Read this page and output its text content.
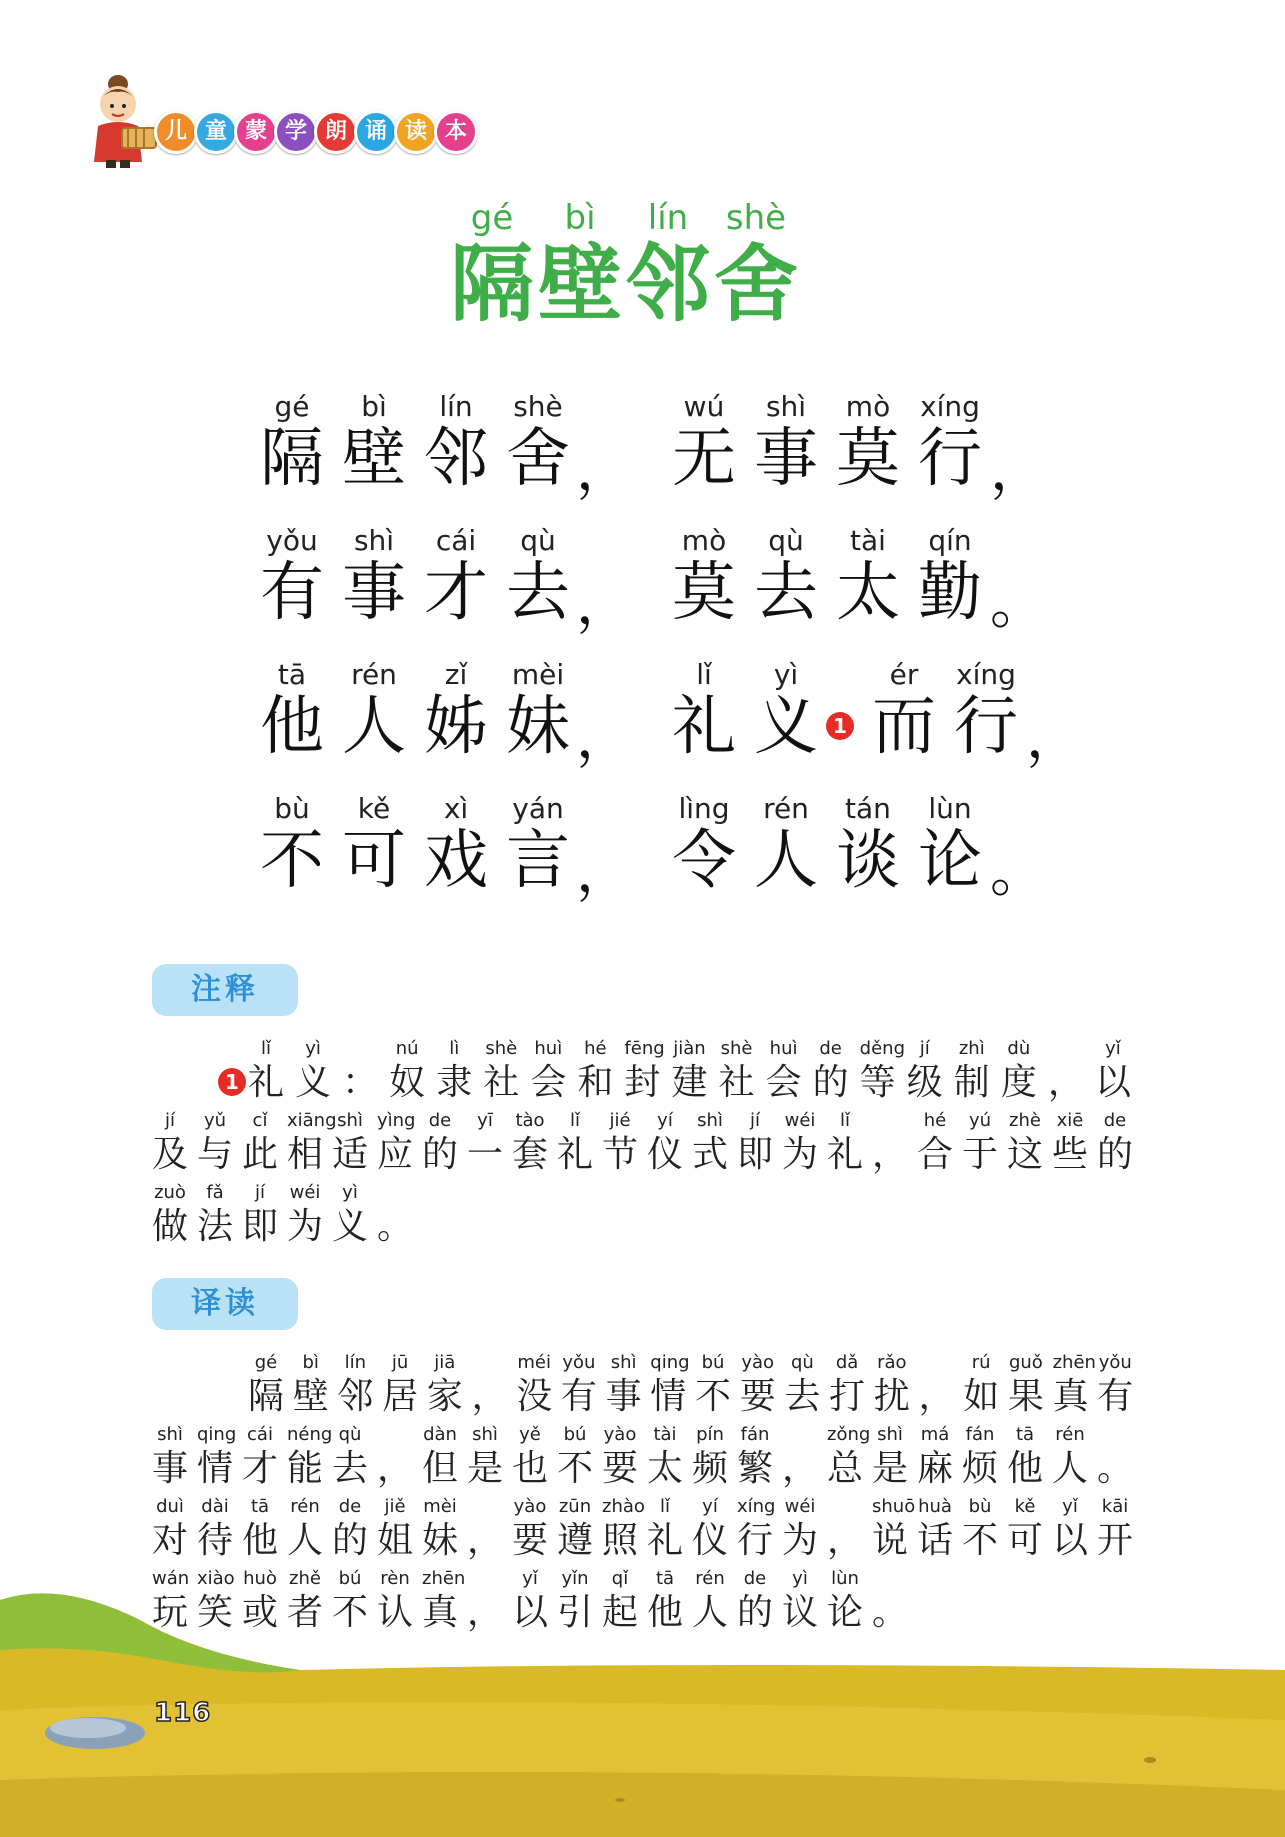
儿 童 蒙 学 朗 诵 读 本
gé
隔
bì
壁
lín
邻
shè
舍
gé
隔
bì
壁
lín
邻
shè
舍
wú
无
shì
事
mò
莫
xíng
行
，	，
yǒu
有
shì
事
cái
才
qù
去
mò
莫
qù
去
tài
太
qín
勤
，	。
tā
他
rén
人
zǐ
姊
mèi
妹
lǐ
礼
yì
义
ér
而
xíng
行
，	，
1
bù
不
kě
可
xì
戏
yán
言
lìng
令
rén
人
tán
谈
lùn
论
，	。
注释
1
lǐ
礼
yì
义 ：
nú
奴
lì
隶
shè
社
huì
会
hé
和
fēng
封
jiàn
建
shè
社
huì
会
de
的
děng
等
jí
级
zhì
制
dù
度 ，
yǐ
以
jí
及
yǔ
与
cǐ
此
xiāng
相
shì
适
yìng
应
de
的
yī
一
tào
套
lǐ
礼
jié
节
yí
仪
shì
式
jí
即
wéi
为
lǐ
礼 ，
hé
合
yú
于
zhè
这
xiē
些
de
的
zuò
做
fǎ
法
jí
即
wéi
为
yì
义 。
译读
gé
隔
bì
壁
lín
邻
jū
居
jiā
家 ，
méi
没
yǒu
有
shì
事
qing
情
bú
不
yào
要
qù
去
dǎ
打
rǎo
扰 ，
rú
如
guǒ
果
zhēn
真
yǒu
有
shì
事
qing
情
cái
才
néng
能
qù
去 ，
dàn
但
shì
是
yě
也
bú
不
yào
要
tài
太
pín
频
fán
繁 ，
zǒng
总
shì
是
má
麻
fán
烦
tā
他
rén
人 。
duì
对
dài
待
tā
他
rén
人
de
的
jiě
姐
mèi
妹 ，
yào
要
zūn
遵
zhào
照
lǐ
礼
yí
仪
xíng
行
wéi
为 ，
shuō
说
huà
话
bù
不
kě
可
yǐ
以
kāi
开
wán
玩
xiào
笑
huò
或
zhě
者
bú
不
rèn
认
zhēn
真 ，
yǐ
以
yǐn
引
qǐ
起
tā
他
rén
人
de
的
yì
议
lùn
论 。
116
